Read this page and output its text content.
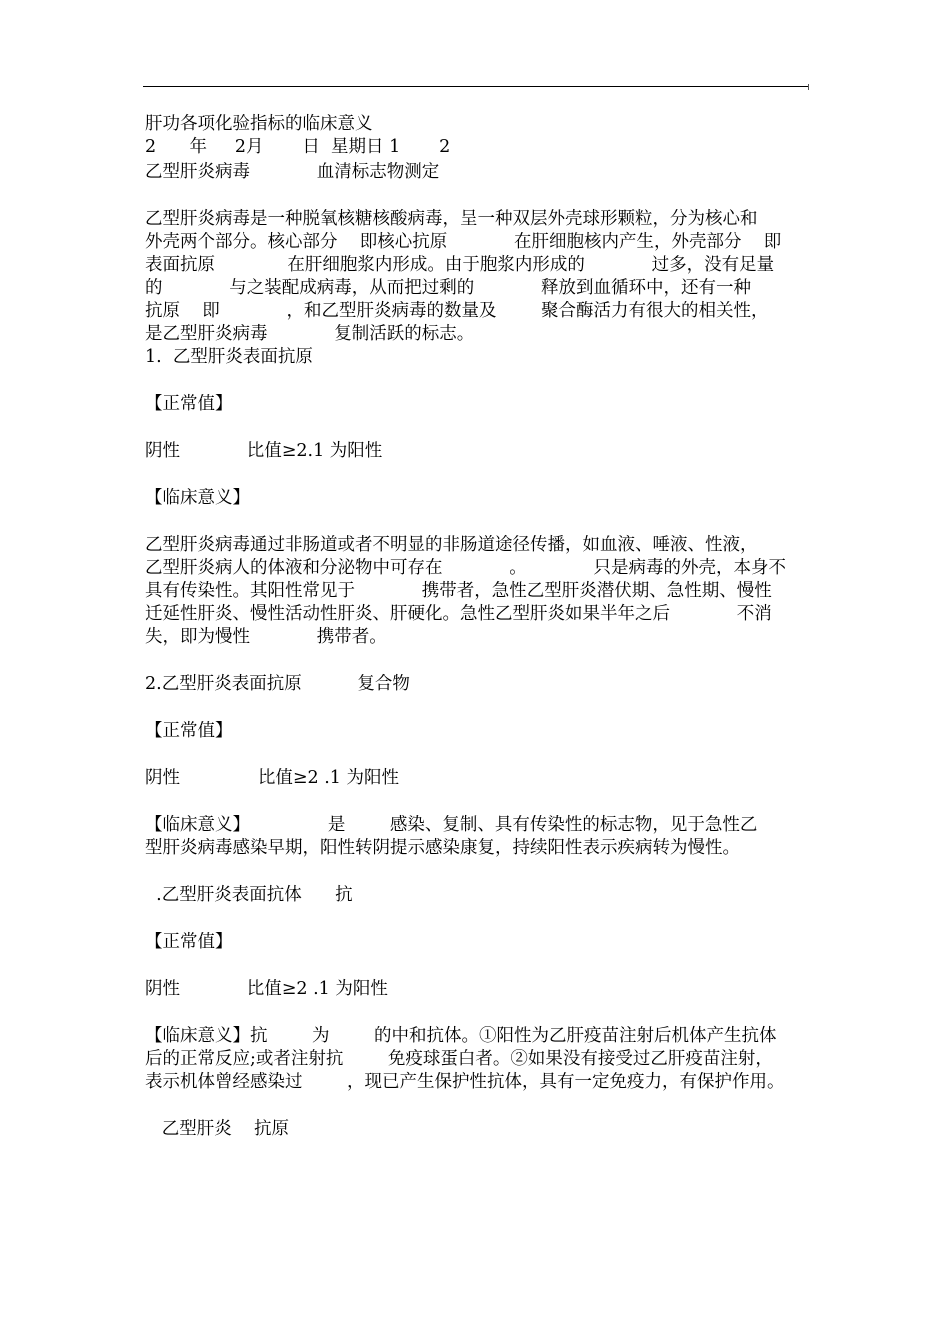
肝功各项化验指标的临床意义
2      年     2月       日  星期日 1       2
乙型肝炎病毒            血清标志物测定
乙型肝炎病毒是一种脱氧核糖核酸病毒，呈一种双层外壳球形颗粒，分为核心和
外壳两个部分。核心部分    即核心抗原            在肝细胞核内产生，外壳部分    即
表面抗原             在肝细胞浆内形成。由于胞浆内形成的            过多，没有足量
的            与之装配成病毒，从而把过剩的            释放到血循环中，还有一种
抗原    即            ，和乙型肝炎病毒的数量及        聚合酶活力有很大的相关性，
是乙型肝炎病毒            复制活跃的标志。
1.  乙型肝炎表面抗原
【正常值】
阴性            比值≥2.1 为阳性
【临床意义】
乙型肝炎病毒通过非肠道或者不明显的非肠道途径传播，如血液、唾液、性液，
乙型肝炎病人的体液和分泌物中可存在            。            只是病毒的外壳，本身不
具有传染性。其阳性常见于            携带者，急性乙型肝炎潜伏期、急性期、慢性
迁延性肝炎、慢性活动性肝炎、肝硬化。急性乙型肝炎如果半年之后            不消
失，即为慢性            携带者。
2.乙型肝炎表面抗原          复合物
【正常值】
阴性              比值≥2 .1 为阳性
【临床意义】              是        感染、复制、具有传染性的标志物，见于急性乙
型肝炎病毒感染早期，阳性转阴提示感染康复，持续阳性表示疾病转为慢性。
.乙型肝炎表面抗体      抗
【正常值】
阴性            比值≥2 .1 为阳性
【临床意义】抗        为        的中和抗体。①阳性为乙肝疫苗注射后机体产生抗体
后的正常反应;或者注射抗        免疫球蛋白者。②如果没有接受过乙肝疫苗注射，
表示机体曾经感染过        ，现已产生保护性抗体，具有一定免疫力，有保护作用。
乙型肝炎    抗原
